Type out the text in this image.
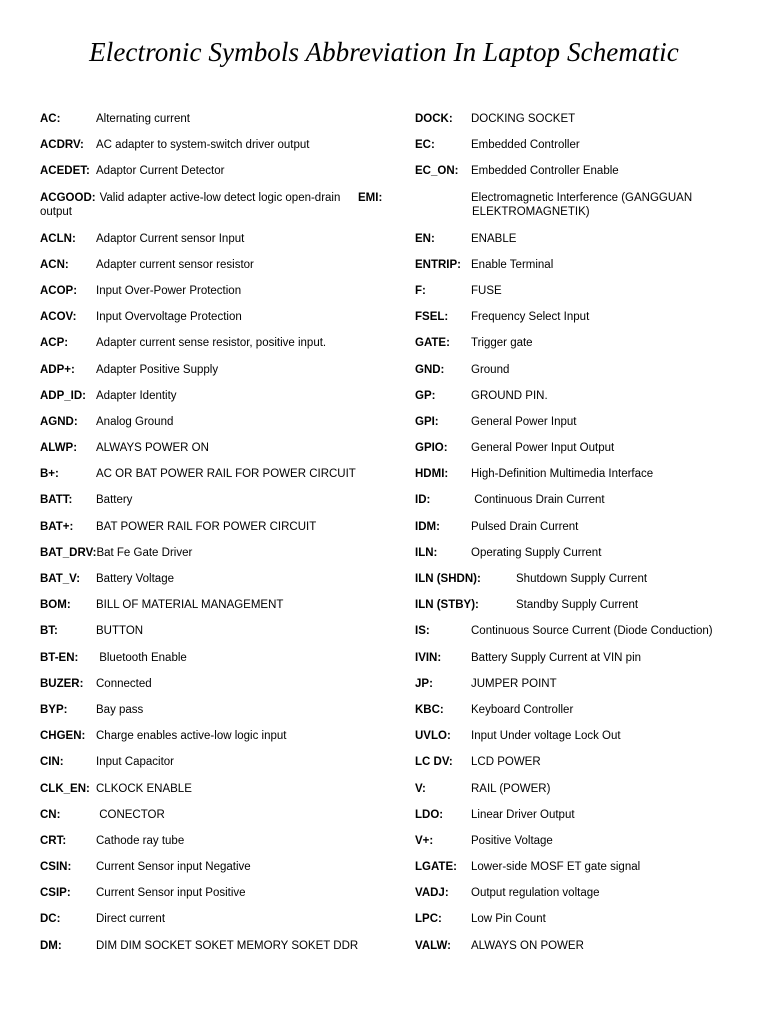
Electronic Symbols Abbreviation In Laptop Schematic
AC:	Alternating current
ACDRV: AC adapter to system-switch driver output
ACEDET: Adaptor Current Detector
ACGOOD: Valid adapter active-low detect logic open-drain output
ACLN: Adaptor Current sensor Input
ACN: Adapter current sensor resistor
ACOP: Input Over-Power Protection
ACOV: Input Overvoltage Protection
ACP: Adapter current sense resistor, positive input.
ADP+: Adapter Positive Supply
ADP_ID: Adapter Identity
AGND: Analog Ground
ALWP: ALWAYS POWER ON
B+:	AC OR BAT POWER RAIL FOR POWER CIRCUIT
BATT: Battery
BAT+: BAT POWER RAIL FOR POWER CIRCUIT
BAT_DRV:Bat Fe Gate Driver
BAT_V: Battery Voltage
BOM: BILL OF MATERIAL MANAGEMENT
BT:	BUTTON
BT-EN: Bluetooth Enable
BUZER: Connected
BYP: Bay pass
CHGEN: Charge enables active-low logic input
CIN:	Input Capacitor
CLK_EN: CLKOCK ENABLE
CN:	CONECTOR
CRT:	Cathode ray tube
CSIN: Current Sensor input Negative
CSIP: Current Sensor input Positive
DC:	Direct current
DM:	DIM DIM SOCKET SOKET MEMORY SOKET DDR
DOCK: DOCKING SOCKET
EC:	Embedded Controller
EC_ON: Embedded Controller Enable
EMI:	Electromagnetic Interference (GANGGUAN ELEKTROMAGNETIK)
EN:	ENABLE
ENTRIP: Enable Terminal
F:	FUSE
FSEL: Frequency Select Input
GATE: Trigger gate
GND: Ground
GP:	GROUND PIN.
GPI:	General Power Input
GPIO: General Power Input Output
HDMI: High-Definition Multimedia Interface
ID:	Continuous Drain Current
IDM:	Pulsed Drain Current
ILN:	Operating Supply Current
ILN (SHDN):	Shutdown Supply Current
ILN (STBY):	Standby Supply Current
IS:	Continuous Source Current (Diode Conduction)
IVIN:	Battery Supply Current at VIN pin
JP:	JUMPER POINT
KBC: Keyboard Controller
UVLO: Input Under voltage Lock Out
LC DV: LCD POWER
V:	RAIL (POWER)
LDO: Linear Driver Output
V+:	Positive Voltage
LGATE: Lower-side MOSF ET gate signal
VADJ: Output regulation voltage
LPC:	Low Pin Count
VALW: ALWAYS ON POWER
